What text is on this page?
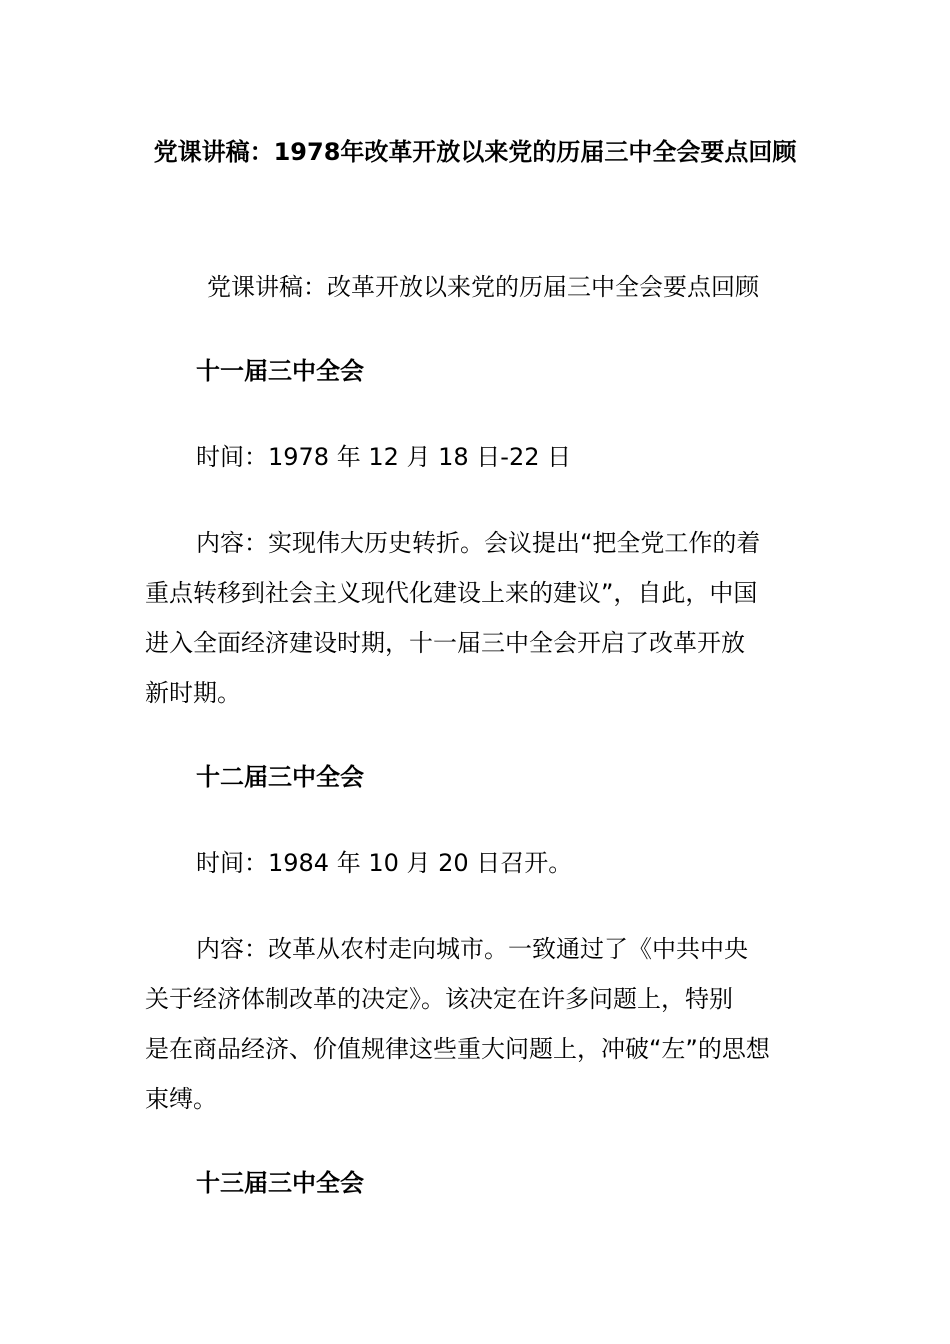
党课讲稿：1978年改革开放以来党的历届三中全会要点回顾

党课讲稿：改革开放以来党的历届三中全会要点回顾

十一届三中全会

时间：1978 年 12 月 18 日-22 日

内容：实现伟大历史转折。会议提出“把全党工作的着

重点转移到社会主义现代化建设上来的建议”，自此，中国

进入全面经济建设时期，十一届三中全会开启了改革开放

新时期。

十二届三中全会

时间：1984 年 10 月 20 日召开。

内容：改革从农村走向城市。一致通过了《中共中央

关于经济体制改革的决定》。该决定在许多问题上，特别

是在商品经济、价值规律这些重大问题上，冲破“左”的思想

束缚。

十三届三中全会
